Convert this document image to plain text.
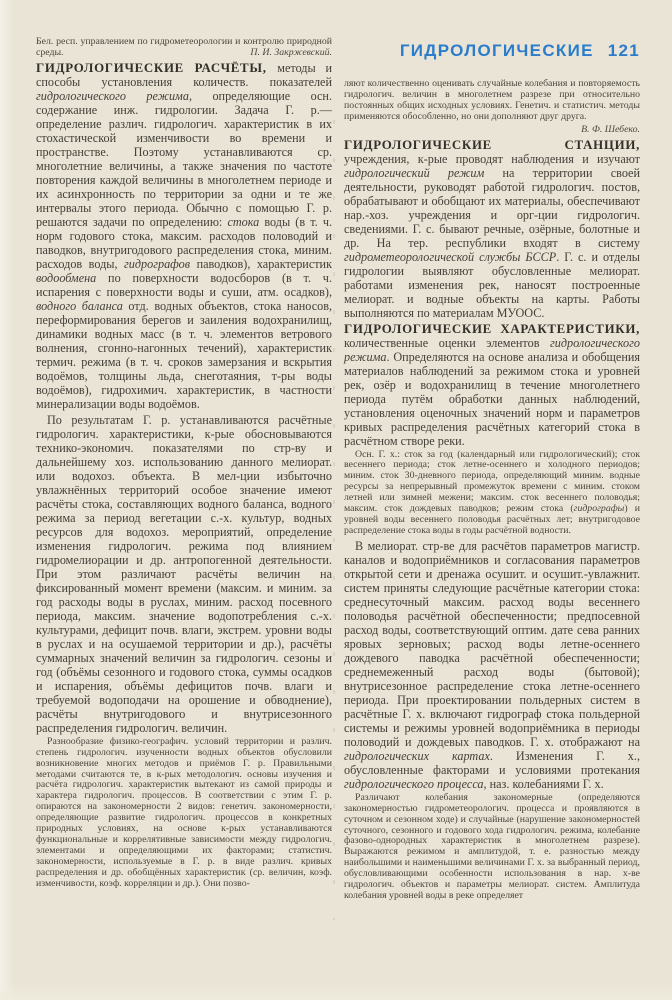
ГИДРОЛОГИЧЕСКИЕ 121

Бел. респ. управлением по гидрометеорологии и контролю природной среды.	П. И. Закржевский.

ГИДРОЛОГИЧЕСКИЕ РАСЧЁТЫ, методы и способы установления количеств. показателей гидрологического режима, определяющие осн. содержание инж. гидрологии. Задача Г. р.— определение различ. гидрологич. характеристик в их стохастической изменчивости во времени и пространстве. Поэтому устанавливаются ср. многолетние величины, а также значения по частоте повторения каждой величины в многолетнем периоде и их асинхронность по территории за одни и те же интервалы этого периода. Обычно с помощью Г. р. решаются задачи по определению: стока воды (в т. ч. норм годового стока, максим. расходов половодий и паводков, внутригодового распределения стока, миним. расходов воды, гидрографов паводков), характеристик водообмена по поверхности водосборов (в т. ч. испарения с поверхности воды и суши, атм. осадков), водного баланса отд. водных объектов, стока наносов, переформирования берегов и заиления водохранилищ, динамики водных масс (в т. ч. элементов ветрового волнения, сгонно-нагонных течений), характеристик термич. режима (в т. ч. сроков замерзания и вскрытия водоёмов, толщины льда, снеготаяния, т-ры воды водоёмов), гидрохимич. характеристик, в частности минерализации воды водоёмов.

По результатам Г. р. устанавливаются расчётные гидрологич. характеристики, к-рые обосновываются технико-экономич. показателями по стр-ву и дальнейшему хоз. использованию данного мелиорат. или водохоз. объекта. В мел-ции избыточно увлажнённых территорий особое значение имеют расчёты стока, составляющих водного баланса, водного режима за период вегетации с.-х. культур, водных ресурсов для водохоз. мероприятий, определение изменения гидрологич. режима под влиянием гидромелиорации и др. антропогенной деятельности. При этом различают расчёты величин на фиксированный момент времени (максим. и миним. за год расходы воды в руслах, миним. расход посевного периода, максим. значение водопотребления с.-х. культурами, дефицит почв. влаги, экстрем. уровни воды в руслах и на осушаемой территории и др.), расчёты суммарных значений величин за гидрологич. сезоны и год (объёмы сезонного и годового стока, суммы осадков и испарения, объёмы дефицитов почв. влаги и требуемой водоподачи на орошение и обводнение), расчёты внутригодового и внутрисезонного распределения гидрологич. величин.

Разнообразие физико-географич. условий территории и различ. степень гидрологич. изученности водных объектов обусловили возникновение многих методов и приёмов Г. р. Правильными методами считаются те, в к-рых методологич. основы изучения и расчёта гидрологич. характеристик вытекают из самой природы и характера гидрологич. процессов. В соответствии с этим Г. р. опираются на закономерности 2 видов: генетич. закономерности, определяющие развитие гидрологич. процессов в конкретных природных условиях, на основе к-рых устанавливаются функциональные и коррелятивные зависимости между гидрологич. элементами и определяющими их факторами; статистич. закономерности, используемые в Г. р. в виде различ. кривых распределения и др. обобщённых характеристик (ср. величин, коэф. изменчивости, коэф. корреляции и др.). Они позво-

ляют количественно оценивать случайные колебания и повторяемость гидрологич. величин в многолетнем разрезе при относительно постоянных общих исходных условиях. Генетич. и статистич. методы применяются обособленно, но они дополняют друг друга.

В. Ф. Шебеко.

ГИДРОЛОГИЧЕСКИЕ СТАНЦИИ, учреждения, к-рые проводят наблюдения и изучают гидрологический режим на территории своей деятельности, руководят работой гидрологич. постов, обрабатывают и обобщают их материалы, обеспечивают нар.-хоз. учреждения и орг-ции гидрологич. сведениями. Г. с. бывают речные, озёрные, болотные и др. На тер. республики входят в систему гидрометеорологической службы БССР. Г. с. и отделы гидрологии выявляют обусловленные мелиорат. работами изменения рек, наносят построенные мелиорат. и водные объекты на карты. Работы выполняются по материалам МУООС.

ГИДРОЛОГИЧЕСКИЕ ХАРАКТЕРИСТИКИ, количественные оценки элементов гидрологического режима. Определяются на основе анализа и обобщения материалов наблюдений за режимом стока и уровней рек, озёр и водохранилищ в течение многолетнего периода путём обработки данных наблюдений, установления оценочных значений норм и параметров кривых распределения расчётных категорий стока в расчётном створе реки.

Осн. Г. х.: сток за год (календарный или гидрологический); сток весеннего периода; сток летне-осеннего и холодного периодов; миним. сток 30-дневного периода, определяющий миним. водные ресурсы за непрерывный промежуток времени с миним. стоком летней или зимней межени; максим. сток весеннего половодья; максим. сток дождевых паводков; режим стока (гидрографы) и уровней воды весеннего половодья расчётных лет; внутригодовое распределение стока воды в годы расчётной водности.

В мелиорат. стр-ве для расчётов параметров магистр. каналов и водоприёмников и согласования параметров открытой сети и дренажа осушит. и осушит.-увлажнит. систем приняты следующие расчётные категории стока: среднесуточный максим. расход воды весеннего половодья расчётной обеспеченности; предпосевной расход воды, соответствующий оптим. дате сева ранних яровых зерновых; расход воды летне-осеннего дождевого паводка расчётной обеспеченности; среднемеженный расход воды (бытовой); внутрисезонное распределение стока летне-осеннего периода. При проектировании польдерных систем в расчётные Г. х. включают гидрограф стока польдерной системы и режимы уровней водоприёмника в периоды половодий и дождевых паводков. Г. х. отображают на гидрологических картах. Изменения Г. х., обусловленные факторами и условиями протекания гидрологического процесса, наз. колебаниями Г. х.

Различают колебания закономерные (определяются закономерностью гидрометеорологич. процесса и проявляются в суточном и сезонном ходе) и случайные (нарушение закономерностей суточного, сезонного и годового хода гидрологич. режима, колебание фазово-однородных характеристик в многолетнем разрезе). Выражаются режимом и амплитудой, т. е. разностью между наибольшими и наименьшими величинами Г. х. за выбранный период, обусловливающими особенности использования в нар. х-ве гидрологич. объектов и параметры мелиорат. систем. Амплитуда колебания уровней воды в реке определяет
